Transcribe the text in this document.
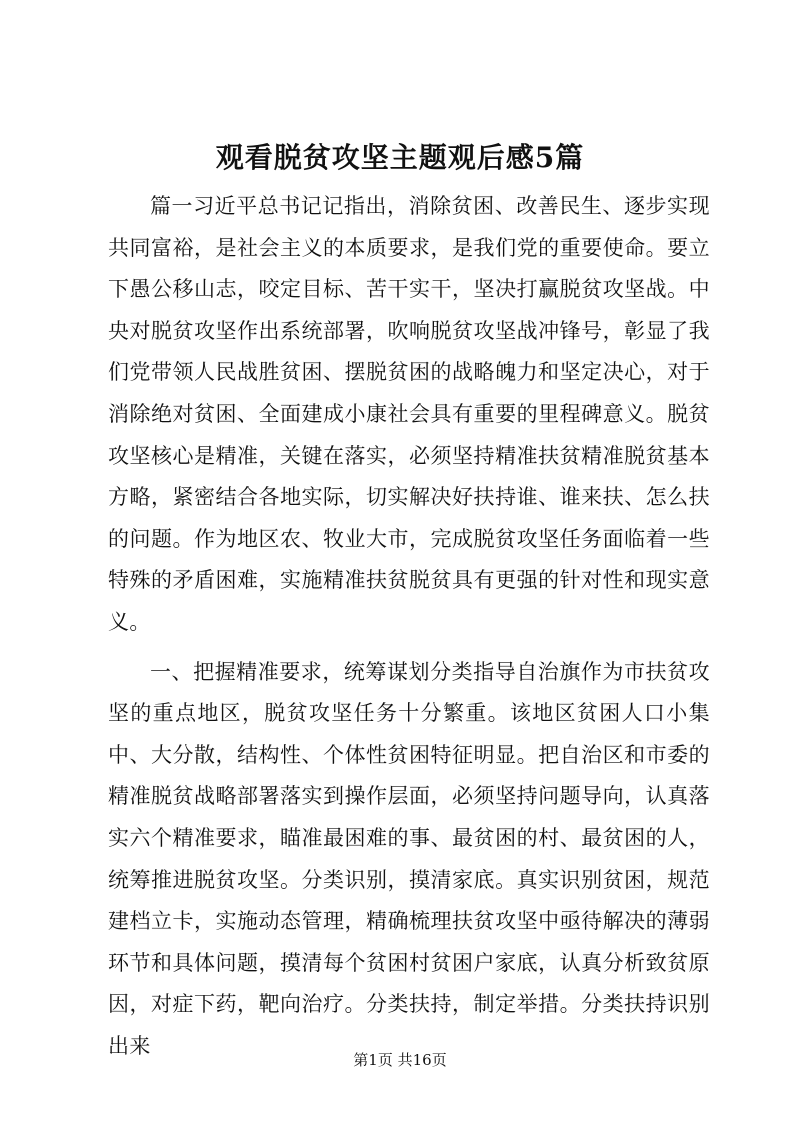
观看脱贫攻坚主题观后感5篇

篇一习近平总书记记指出，消除贫困、改善民生、逐步实现共同富裕，是社会主义的本质要求，是我们党的重要使命。要立下愚公移山志，咬定目标、苦干实干，坚决打赢脱贫攻坚战。中央对脱贫攻坚作出系统部署，吹响脱贫攻坚战冲锋号，彰显了我们党带领人民战胜贫困、摆脱贫困的战略魄力和坚定决心，对于消除绝对贫困、全面建成小康社会具有重要的里程碑意义。脱贫攻坚核心是精准，关键在落实，必须坚持精准扶贫精准脱贫基本方略，紧密结合各地实际，切实解决好扶持谁、谁来扶、怎么扶的问题。作为地区农、牧业大市，完成脱贫攻坚任务面临着一些特殊的矛盾困难，实施精准扶贫脱贫具有更强的针对性和现实意义。

一、把握精准要求，统筹谋划分类指导自治旗作为市扶贫攻坚的重点地区，脱贫攻坚任务十分繁重。该地区贫困人口小集中、大分散，结构性、个体性贫困特征明显。把自治区和市委的精准脱贫战略部署落实到操作层面，必须坚持问题导向，认真落实六个精准要求，瞄准最困难的事、最贫困的村、最贫困的人，统筹推进脱贫攻坚。分类识别，摸清家底。真实识别贫困，规范建档立卡，实施动态管理，精确梳理扶贫攻坚中亟待解决的薄弱环节和具体问题，摸清每个贫困村贫困户家底，认真分析致贫原因，对症下药，靶向治疗。分类扶持，制定举措。分类扶持识别出来

第1页 共16页
